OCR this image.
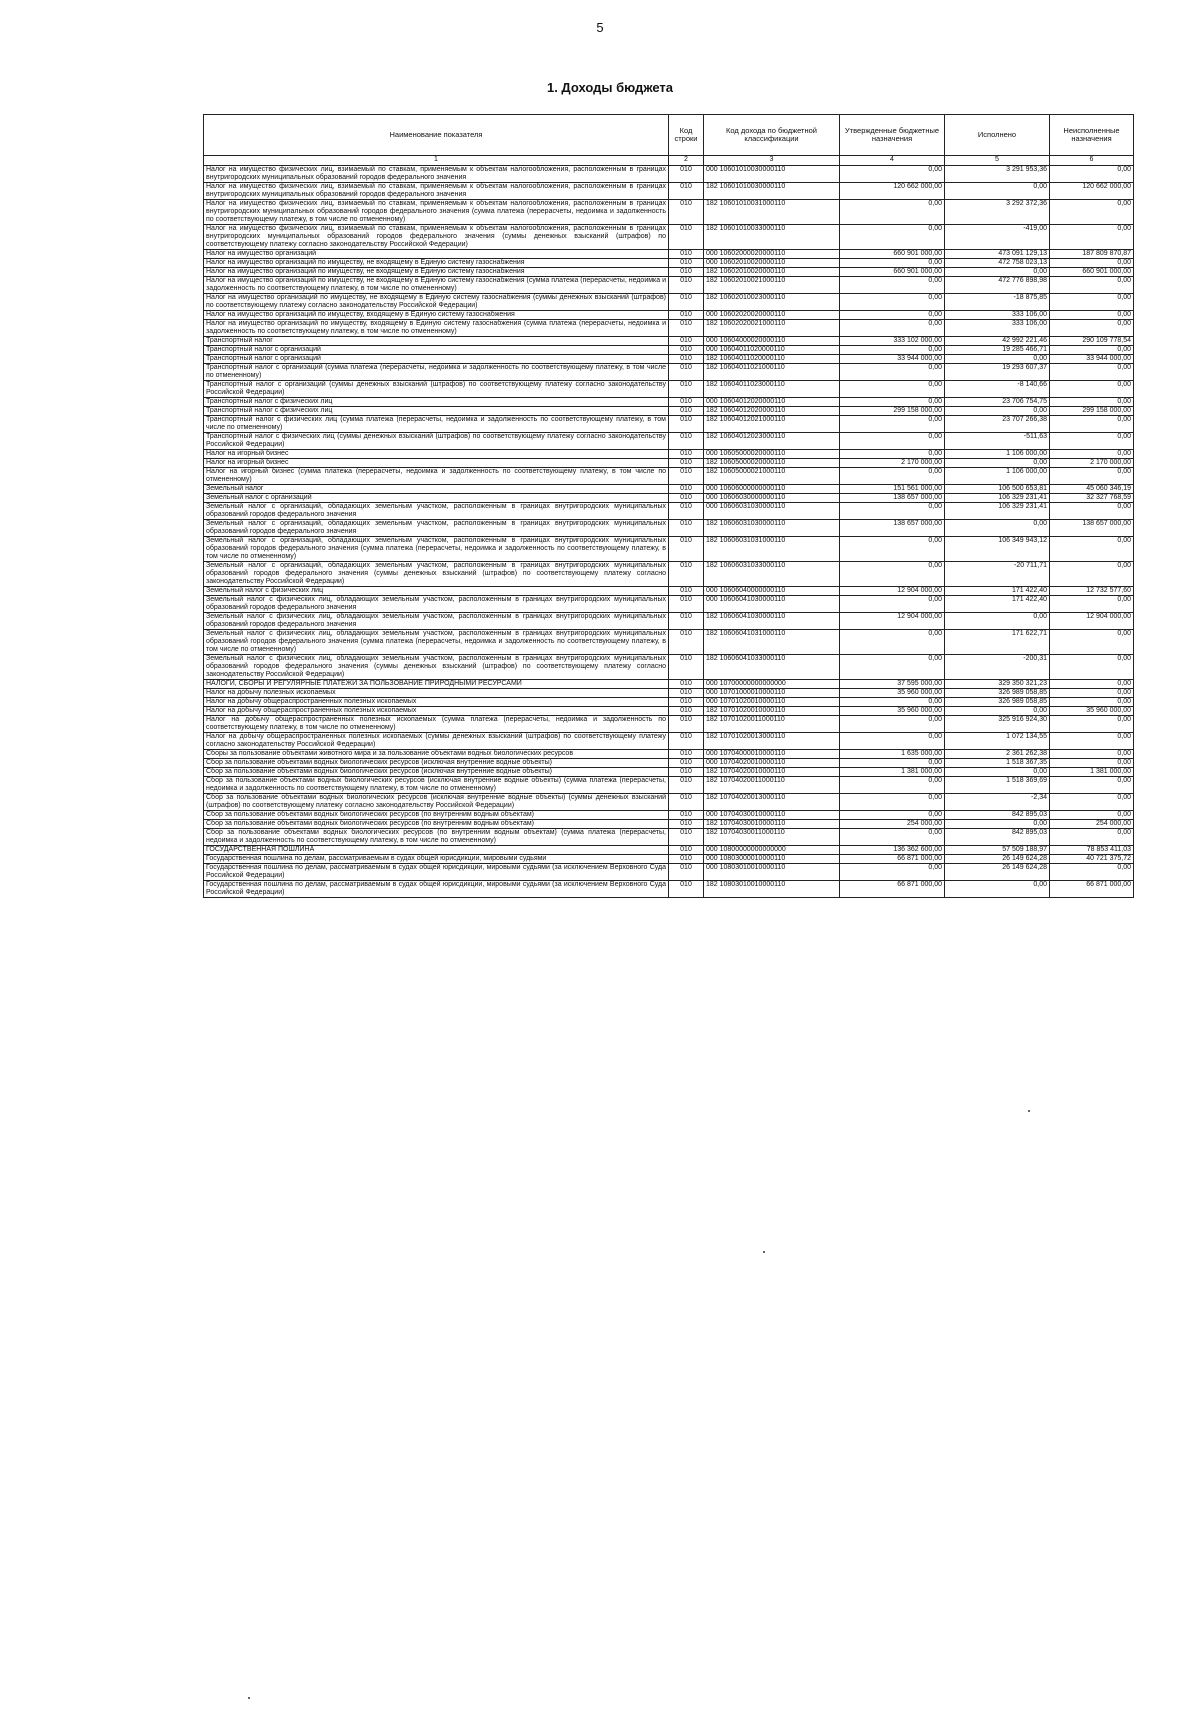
5
1. Доходы бюджета
Наименование показателя	Код строки	Код дохода по бюджетной классификации	Утвержденные бюджетные назначения	Исполнено	Неисполненные назначения
1	2	3	4	5	6
Налог на имущество физических лиц, взимаемый по ставкам, применяемым к объектам налогообложения, расположенным в границах внутригородских муниципальных образований городов федерального значения	010	000 10601010030000110	0,00	3 291 953,36	0,00
Налог на имущество физических лиц, взимаемый по ставкам, применяемым к объектам налогообложения, расположенным в границах внутригородских муниципальных образований городов федерального значения	010	182 10601010030000110	120 662 000,00	0,00	120 662 000,00
Налог на имущество физических лиц, взимаемый по ставкам, применяемым к объектам налогообложения, расположенным в границах внутригородских муниципальных образований городов федерального значения (сумма платежа (перерасчеты, недоимка и задолженность по соответствующему платежу, в том числе по отмененному)	010	182 10601010031000110	0,00	3 292 372,36	0,00
Налог на имущество физических лиц, взимаемый по ставкам, применяемым к объектам налогообложения, расположенным в границах внутригородских муниципальных образований городов федерального значения (суммы денежных взысканий (штрафов) по соответствующему платежу согласно законодательству Российской Федерации)	010	182 10601010033000110	0,00	-419,00	0,00
Налог на имущество организаций	010	000 10602000020000110	660 901 000,00	473 091 129,13	187 809 870,87
Налог на имущество организаций по имуществу, не входящему в Единую систему газоснабжения	010	000 10602010020000110	0,00	472 758 023,13	0,00
Налог на имущество организаций по имуществу, не входящему в Единую систему газоснабжения	010	182 10602010020000110	660 901 000,00	0,00	660 901 000,00
Налог на имущество организаций по имуществу, не входящему в Единую систему газоснабжения (сумма платежа (перерасчеты, недоимка и задолженность по соответствующему платежу, в том числе по отмененному)	010	182 10602010021000110	0,00	472 776 898,98	0,00
Налог на имущество организаций по имуществу, не входящему в Единую систему газоснабжения (суммы денежных взысканий (штрафов) по соответствующему платежу согласно законодательству Российской Федерации)	010	182 10602010023000110	0,00	-18 875,85	0,00
Налог на имущество организаций по имуществу, входящему в Единую систему газоснабжения	010	000 10602020020000110	0,00	333 106,00	0,00
Налог на имущество организаций по имуществу, входящему в Единую систему газоснабжения (сумма платежа (перерасчеты, недоимка и задолженность по соответствующему платежу, в том числе по отмененному)	010	182 10602020021000110	0,00	333 106,00	0,00
Транспортный налог	010	000 10604000020000110	333 102 000,00	42 992 221,46	290 109 778,54
Транспортный налог с организаций	010	000 10604011020000110	0,00	19 285 466,71	0,00
Транспортный налог с организаций	010	182 10604011020000110	33 944 000,00	0,00	33 944 000,00
Транспортный налог с организаций (сумма платежа (перерасчеты, недоимка и задолженность по соответствующему платежу, в том числе по отмененному)	010	182 10604011021000110	0,00	19 293 607,37	0,00
Транспортный налог с организаций (суммы денежных взысканий (штрафов) по соответствующему платежу согласно законодательству Российской Федерации)	010	182 10604011023000110	0,00	-8 140,66	0,00
Транспортный налог с физических лиц	010	000 10604012020000110	0,00	23 706 754,75	0,00
Транспортный налог с физических лиц	010	182 10604012020000110	299 158 000,00	0,00	299 158 000,00
Транспортный налог с физических лиц (сумма платежа (перерасчеты, недоимка и задолженность по соответствующему платежу, в том числе по отмененному)	010	182 10604012021000110	0,00	23 707 266,38	0,00
Транспортный налог с физических лиц (суммы денежных взысканий (штрафов) по соответствующему платежу согласно законодательству Российской Федерации)	010	182 10604012023000110	0,00	-511,63	0,00
Налог на игорный бизнес	010	000 10605000020000110	0,00	1 106 000,00	0,00
Налог на игорный бизнес	010	182 10605000020000110	2 170 000,00	0,00	2 170 000,00
Налог на игорный бизнес (сумма платежа (перерасчеты, недоимка и задолженность по соответствующему платежу, в том числе по отмененному)	010	182 10605000021000110	0,00	1 106 000,00	0,00
Земельный налог	010	000 10606000000000110	151 561 000,00	106 500 653,81	45 060 346,19
Земельный налог с организаций	010	000 10606030000000110	138 657 000,00	106 329 231,41	32 327 768,59
Земельный налог с организаций, обладающих земельным участком, расположенным в границах внутригородских муниципальных образований городов федерального значения	010	000 10606031030000110	0,00	106 329 231,41	0,00
Земельный налог с организаций, обладающих земельным участком, расположенным в границах внутригородских муниципальных образований городов федерального значения	010	182 10606031030000110	138 657 000,00	0,00	138 657 000,00
Земельный налог с организаций, обладающих земельным участком, расположенным в границах внутригородских муниципальных образований городов федерального значения (сумма платежа (перерасчеты, недоимка и задолженность по соответствующему платежу, в том числе по отмененному)	010	182 10606031031000110	0,00	106 349 943,12	0,00
Земельный налог с организаций, обладающих земельным участком, расположенным в границах внутригородских муниципальных образований городов федерального значения (суммы денежных взысканий (штрафов) по соответствующему платежу согласно законодательству Российской Федерации)	010	182 10606031033000110	0,00	-20 711,71	0,00
Земельный налог с физических лиц	010	000 10606040000000110	12 904 000,00	171 422,40	12 732 577,60
Земельный налог с физических лиц, обладающих земельным участком, расположенным в границах внутригородских муниципальных образований городов федерального значения	010	000 10606041030000110	0,00	171 422,40	0,00
Земельный налог с физических лиц, обладающих земельным участком, расположенным в границах внутригородских муниципальных образований городов федерального значения	010	182 10606041030000110	12 904 000,00	0,00	12 904 000,00
Земельный налог с физических лиц, обладающих земельным участком, расположенным в границах внутригородских муниципальных образований городов федерального значения (сумма платежа (перерасчеты, недоимка и задолженность по соответствующему платежу, в том числе по отмененному)	010	182 10606041031000110	0,00	171 622,71	0,00
Земельный налог с физических лиц, обладающих земельным участком, расположенным в границах внутригородских муниципальных образований городов федерального значения (суммы денежных взысканий (штрафов) по соответствующему платежу согласно законодательству Российской Федерации)	010	182 10606041033000110	0,00	-200,31	0,00
НАЛОГИ, СБОРЫ И РЕГУЛЯРНЫЕ ПЛАТЕЖИ ЗА ПОЛЬЗОВАНИЕ ПРИРОДНЫМИ РЕСУРСАМИ	010	000 10700000000000000	37 595 000,00	329 350 321,23	0,00
Налог на добычу полезных ископаемых	010	000 10701000010000110	35 960 000,00	326 989 058,85	0,00
Налог на добычу общераспространенных полезных ископаемых	010	000 10701020010000110	0,00	326 989 058,85	0,00
Налог на добычу общераспространенных полезных ископаемых	010	182 10701020010000110	35 960 000,00	0,00	35 960 000,00
Налог на добычу общераспространенных полезных ископаемых (сумма платежа (перерасчеты, недоимка и задолженность по соответствующему платежу, в том числе по отмененному)	010	182 10701020011000110	0,00	325 916 924,30	0,00
Налог на добычу общераспространенных полезных ископаемых (суммы денежных взысканий (штрафов) по соответствующему платежу согласно законодательству Российской Федерации)	010	182 10701020013000110	0,00	1 072 134,55	0,00
Сборы за пользование объектами животного мира и за пользование объектами водных биологических ресурсов	010	000 10704000010000110	1 635 000,00	2 361 262,38	0,00
Сбор за пользование объектами водных биологических ресурсов (исключая внутренние водные объекты)	010	000 10704020010000110	0,00	1 518 367,35	0,00
Сбор за пользование объектами водных биологических ресурсов (исключая внутренние водные объекты)	010	182 10704020010000110	1 381 000,00	0,00	1 381 000,00
Сбор за пользование объектами водных биологических ресурсов (исключая внутренние водные объекты) (сумма платежа (перерасчеты, недоимка и задолженность по соответствующему платежу, в том числе по отмененному)	010	182 10704020011000110	0,00	1 518 369,69	0,00
Сбор за пользование объектами водных биологических ресурсов (исключая внутренние водные объекты) (суммы денежных взысканий (штрафов) по соответствующему платежу согласно законодательству Российской Федерации)	010	182 10704020013000110	0,00	-2,34	0,00
Сбор за пользование объектами водных биологических ресурсов (по внутренним водным объектам)	010	000 10704030010000110	0,00	842 895,03	0,00
Сбор за пользование объектами водных биологических ресурсов (по внутренним водным объектам)	010	182 10704030010000110	254 000,00	0,00	254 000,00
Сбор за пользование объектами водных биологических ресурсов (по внутренним водным объектам) (сумма платежа (перерасчеты, недоимка и задолженность по соответствующему платежу, в том числе по отмененному)	010	182 10704030011000110	0,00	842 895,03	0,00
ГОСУДАРСТВЕННАЯ ПОШЛИНА	010	000 10800000000000000	136 362 600,00	57 509 188,97	78 853 411,03
Государственная пошлина по делам, рассматриваемым в судах общей юрисдикции, мировыми судьями	010	000 10803000010000110	66 871 000,00	26 149 624,28	40 721 375,72
Государственная пошлина по делам, рассматриваемым в судах общей юрисдикции, мировыми судьями (за исключением Верховного Суда Российской Федерации)	010	000 10803010010000110	0,00	26 149 624,28	0,00
Государственная пошлина по делам, рассматриваемым в судах общей юрисдикции, мировыми судьями (за исключением Верховного Суда Российской Федерации)	010	182 10803010010000110	66 871 000,00	0,00	66 871 000,00
